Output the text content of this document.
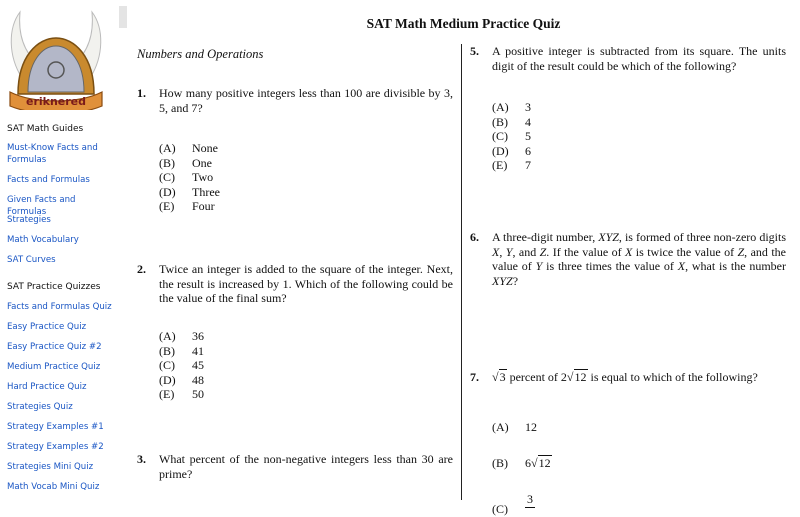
eriknered
SAT Math Guides
Must-Know Facts and Formulas
Facts and Formulas
Given Facts and Formulas
Strategies
Math Vocabulary
SAT Curves
SAT Practice Quizzes
Facts and Formulas Quiz
Easy Practice Quiz
Easy Practice Quiz #2
Medium Practice Quiz
Hard Practice Quiz
Strategies Quiz
Strategy Examples #1
Strategy Examples #2
Strategies Mini Quiz
Math Vocab Mini Quiz
SAT Math Medium Practice Quiz
Numbers and Operations
1. How many positive integers less than 100 are divisible by 3, 5, and 7?
(A)	None
(B)	One
(C)	Two
(D)	Three
(E)	Four
2. Twice an integer is added to the square of the integer. Next, the result is increased by 1. Which of the following could be the value of the final sum?
(A)	36
(B)	41
(C)	45
(D)	48
(E)	50
3. What percent of the non-negative integers less than 30 are prime?
5. A positive integer is subtracted from its square. The units digit of the result could be which of the following?
(A)	3
(B)	4
(C)	5
(D)	6
(E)	7
6. A three-digit number, XYZ, is formed of three non-zero digits X, Y, and Z. If the value of X is twice the value of Z, and the value of Y is three times the value of X, what is the number XYZ?
7. √3 percent of 2√12 is equal to which of the following?
(A)	12
(B)	6 √12
(C)
3
